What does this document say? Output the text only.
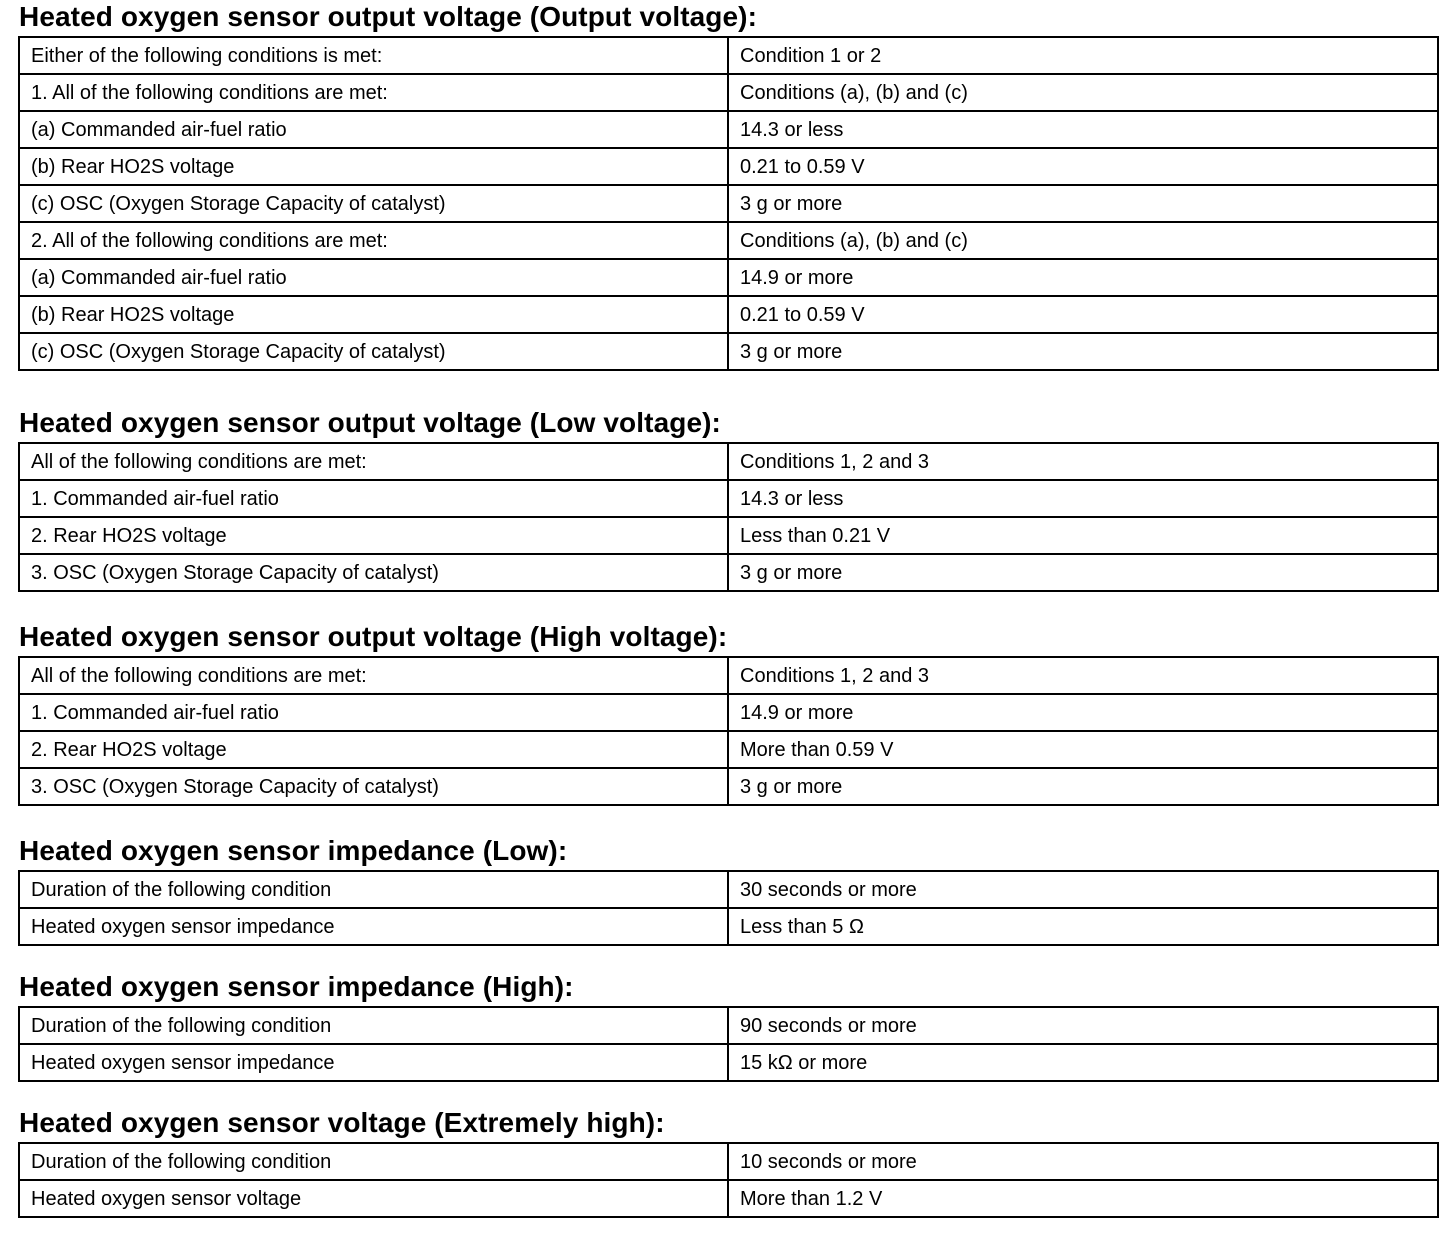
Heated oxygen sensor output voltage (Output voltage):
Either of the following conditions is met:	Condition 1 or 2
1. All of the following conditions are met:	Conditions (a), (b) and (c)
(a) Commanded air-fuel ratio	14.3 or less
(b) Rear HO2S voltage	0.21 to 0.59 V
(c) OSC (Oxygen Storage Capacity of catalyst)	3 g or more
2. All of the following conditions are met:	Conditions (a), (b) and (c)
(a) Commanded air-fuel ratio	14.9 or more
(b) Rear HO2S voltage	0.21 to 0.59 V
(c) OSC (Oxygen Storage Capacity of catalyst)	3 g or more
Heated oxygen sensor output voltage (Low voltage):
All of the following conditions are met:	Conditions 1, 2 and 3
1. Commanded air-fuel ratio	14.3 or less
2. Rear HO2S voltage	Less than 0.21 V
3. OSC (Oxygen Storage Capacity of catalyst)	3 g or more
Heated oxygen sensor output voltage (High voltage):
All of the following conditions are met:	Conditions 1, 2 and 3
1. Commanded air-fuel ratio	14.9 or more
2. Rear HO2S voltage	More than 0.59 V
3. OSC (Oxygen Storage Capacity of catalyst)	3 g or more
Heated oxygen sensor impedance (Low):
Duration of the following condition	30 seconds or more
Heated oxygen sensor impedance	Less than 5 Ω
Heated oxygen sensor impedance (High):
Duration of the following condition	90 seconds or more
Heated oxygen sensor impedance	15 kΩ or more
Heated oxygen sensor voltage (Extremely high):
Duration of the following condition	10 seconds or more
Heated oxygen sensor voltage	More than 1.2 V
